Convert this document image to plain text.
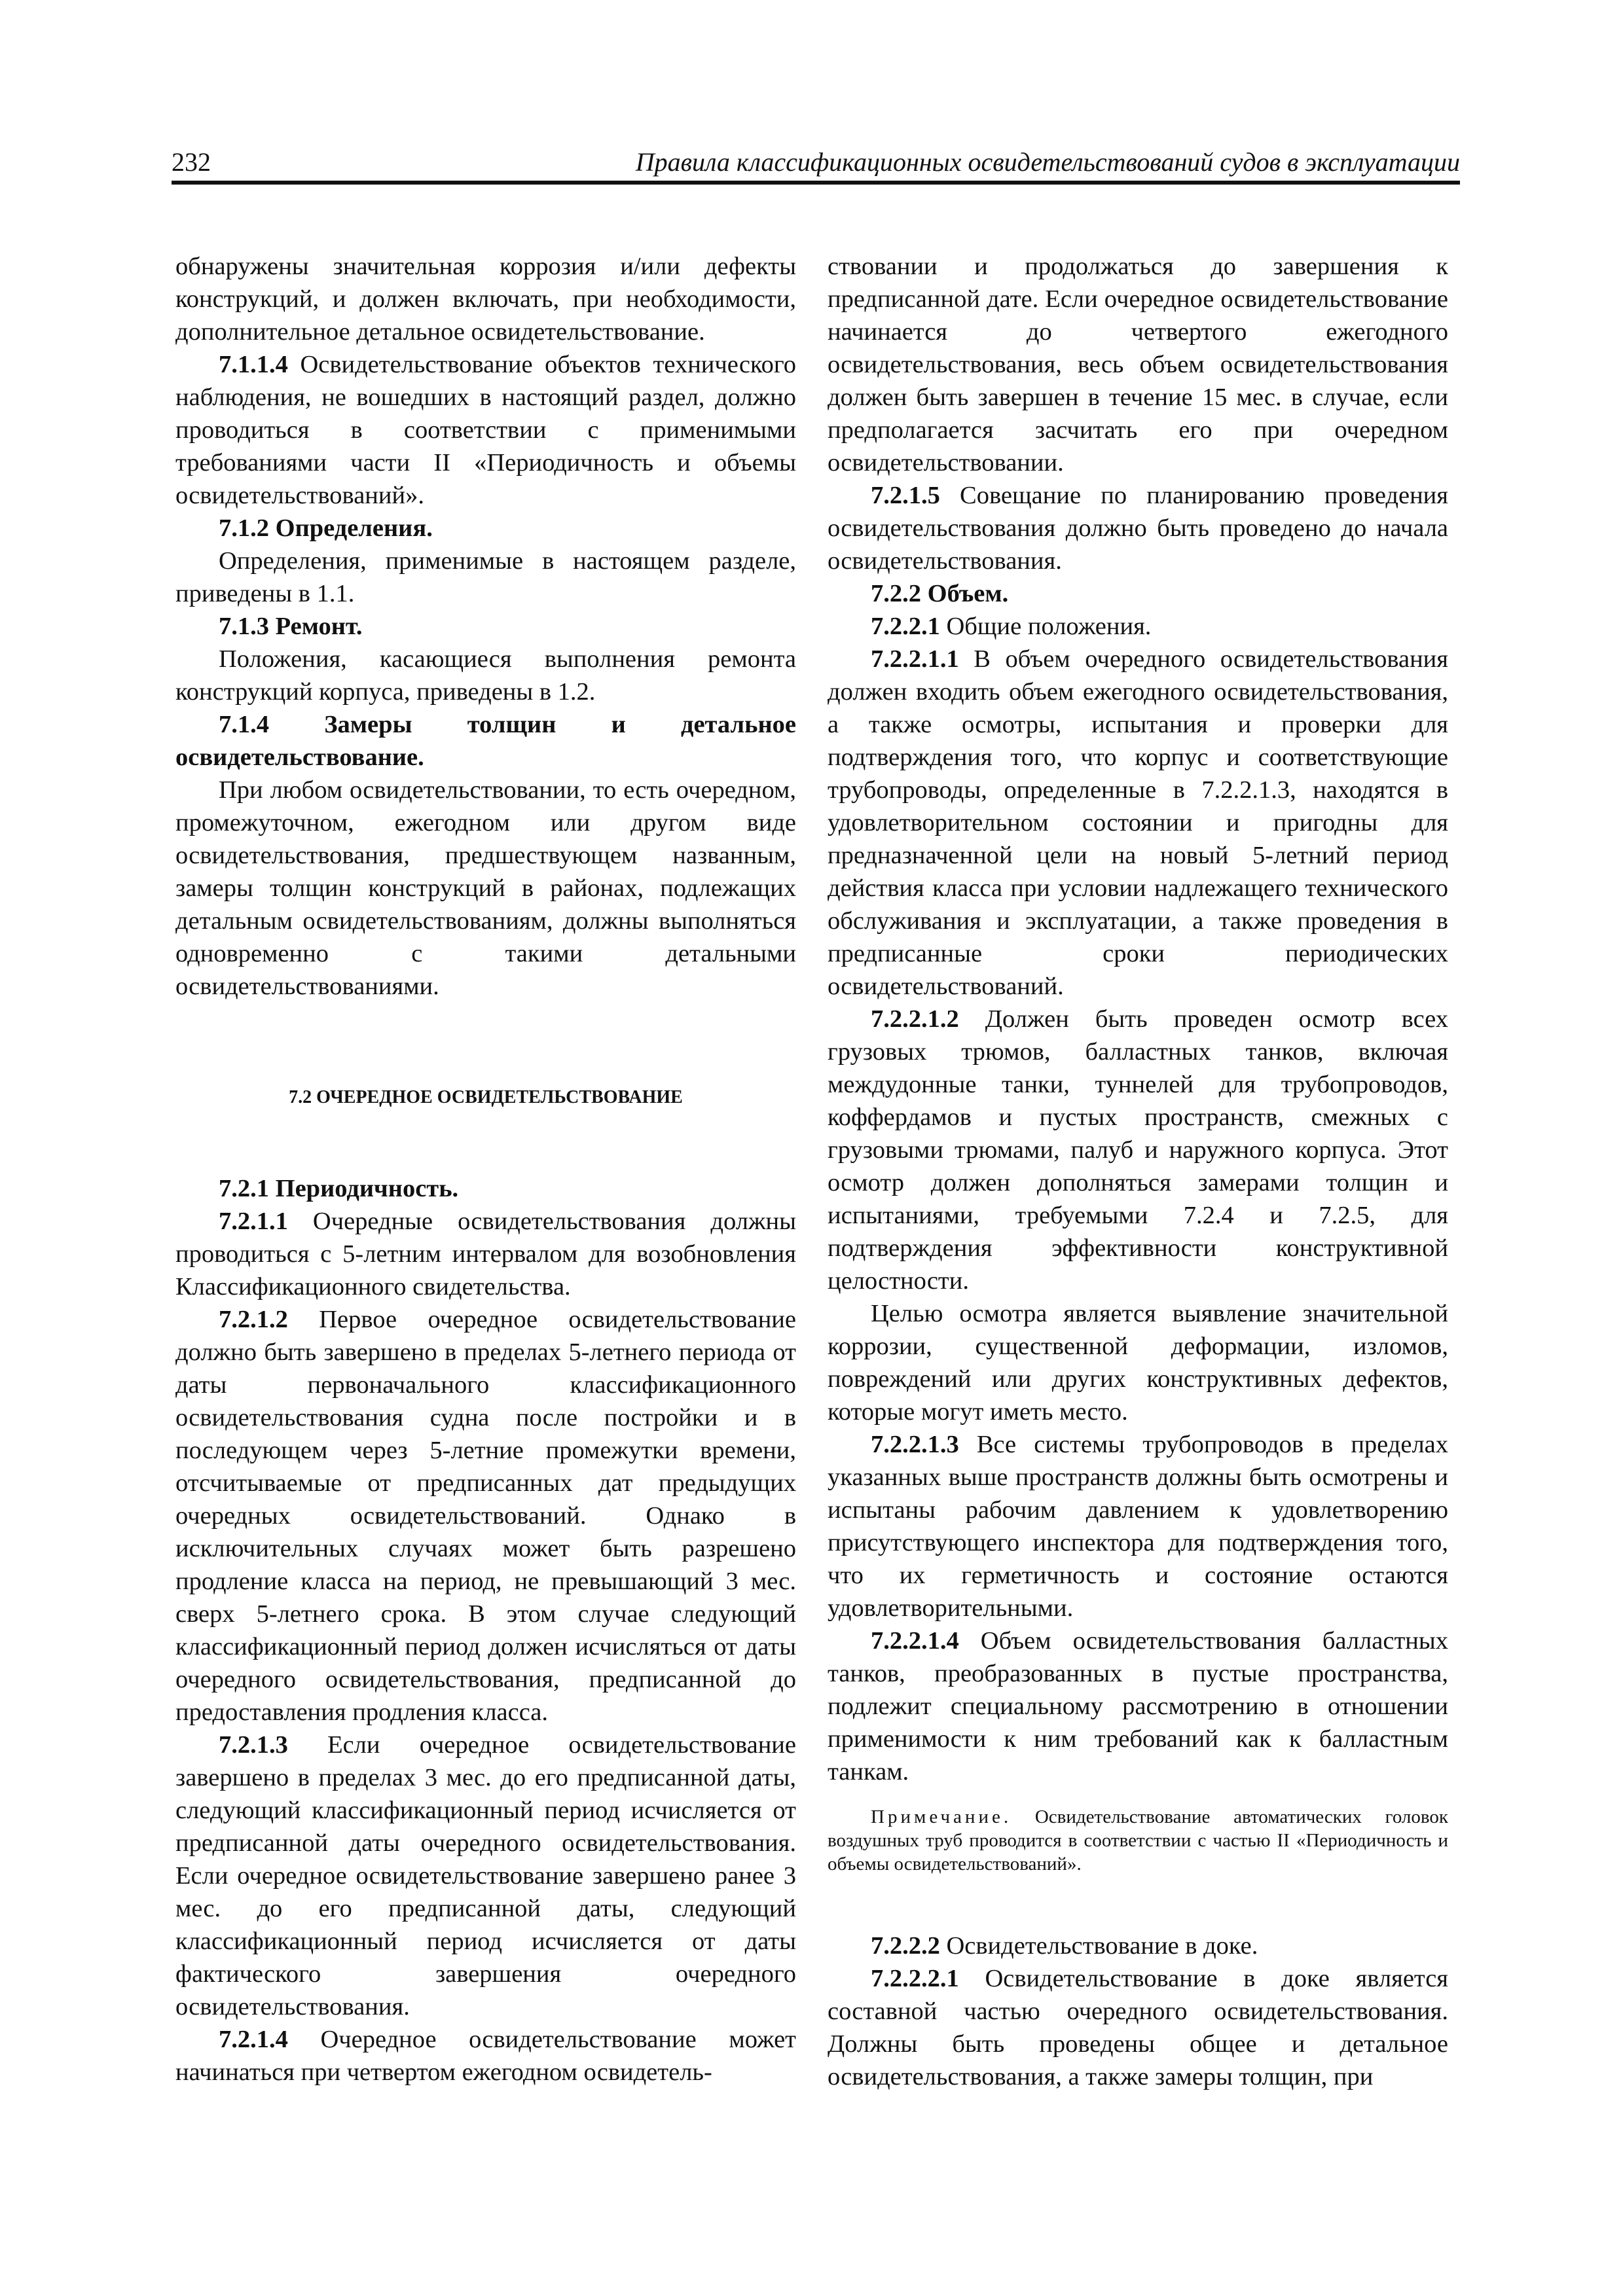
232	Правила классификационных освидетельствований судов в эксплуатации

обнаружены значительная коррозия и/или дефекты конструкций, и должен включать, при необходимости, дополнительное детальное освидетельствование.

7.1.1.4 Освидетельствование объектов технического наблюдения, не вошедших в настоящий раздел, должно проводиться в соответствии с применимыми требованиями части II «Периодичность и объемы освидетельствований».

7.1.2 Определения.

Определения, применимые в настоящем разделе, приведены в 1.1.

7.1.3 Ремонт.

Положения, касающиеся выполнения ремонта конструкций корпуса, приведены в 1.2.

7.1.4 Замеры толщин и детальное освидетельствование.

При любом освидетельствовании, то есть очередном, промежуточном, ежегодном или другом виде освидетельствования, предшествующем названным, замеры толщин конструкций в районах, подлежащих детальным освидетельствованиям, должны выполняться одновременно с такими детальными освидетельствованиями.

7.2 ОЧЕРЕДНОЕ ОСВИДЕТЕЛЬСТВОВАНИЕ

7.2.1 Периодичность.

7.2.1.1 Очередные освидетельствования должны проводиться с 5-летним интервалом для возобновления Классификационного свидетельства.

7.2.1.2 Первое очередное освидетельствование должно быть завершено в пределах 5-летнего периода от даты первоначального классификационного освидетельствования судна после постройки и в последующем через 5-летние промежутки времени, отсчитываемые от предписанных дат предыдущих очередных освидетельствований. Однако в исключительных случаях может быть разрешено продление класса на период, не превышающий 3 мес. сверх 5-летнего срока. В этом случае следующий классификационный период должен исчисляться от даты очередного освидетельствования, предписанной до предоставления продления класса.

7.2.1.3 Если очередное освидетельствование завершено в пределах 3 мес. до его предписанной даты, следующий классификационный период исчисляется от предписанной даты очередного освидетельствования. Если очередное освидетельствование завершено ранее 3 мес. до его предписанной даты, следующий классификационный период исчисляется от даты фактического завершения очередного освидетельствования.

7.2.1.4 Очередное освидетельствование может начинаться при четвертом ежегодном освидетель-

ствовании и продолжаться до завершения к предписанной дате. Если очередное освидетельствование начинается до четвертого ежегодного освидетельствования, весь объем освидетельствования должен быть завершен в течение 15 мес. в случае, если предполагается засчитать его при очередном освидетельствовании.

7.2.1.5 Совещание по планированию проведения освидетельствования должно быть проведено до начала освидетельствования.

7.2.2 Объем.

7.2.2.1 Общие положения.

7.2.2.1.1 В объем очередного освидетельствования должен входить объем ежегодного освидетельствования, а также осмотры, испытания и проверки для подтверждения того, что корпус и соответствующие трубопроводы, определенные в 7.2.2.1.3, находятся в удовлетворительном состоянии и пригодны для предназначенной цели на новый 5-летний период действия класса при условии надлежащего технического обслуживания и эксплуатации, а также проведения в предписанные сроки периодических освидетельствований.

7.2.2.1.2 Должен быть проведен осмотр всех грузовых трюмов, балластных танков, включая междудонные танки, туннелей для трубопроводов, коффердамов и пустых пространств, смежных с грузовыми трюмами, палуб и наружного корпуса. Этот осмотр должен дополняться замерами толщин и испытаниями, требуемыми 7.2.4 и 7.2.5, для подтверждения эффективности конструктивной целостности.

Целью осмотра является выявление значительной коррозии, существенной деформации, изломов, повреждений или других конструктивных дефектов, которые могут иметь место.

7.2.2.1.3 Все системы трубопроводов в пределах указанных выше пространств должны быть осмотрены и испытаны рабочим давлением к удовлетворению присутствующего инспектора для подтверждения того, что их герметичность и состояние остаются удовлетворительными.

7.2.2.1.4 Объем освидетельствования балластных танков, преобразованных в пустые пространства, подлежит специальному рассмотрению в отношении применимости к ним требований как к балластным танкам.

Примечание. Освидетельствование автоматических головок воздушных труб проводится в соответствии с частью II «Периодичность и объемы освидетельствований».

7.2.2.2 Освидетельствование в доке.

7.2.2.2.1 Освидетельствование в доке является составной частью очередного освидетельствования. Должны быть проведены общее и детальное освидетельствования, а также замеры толщин, при
